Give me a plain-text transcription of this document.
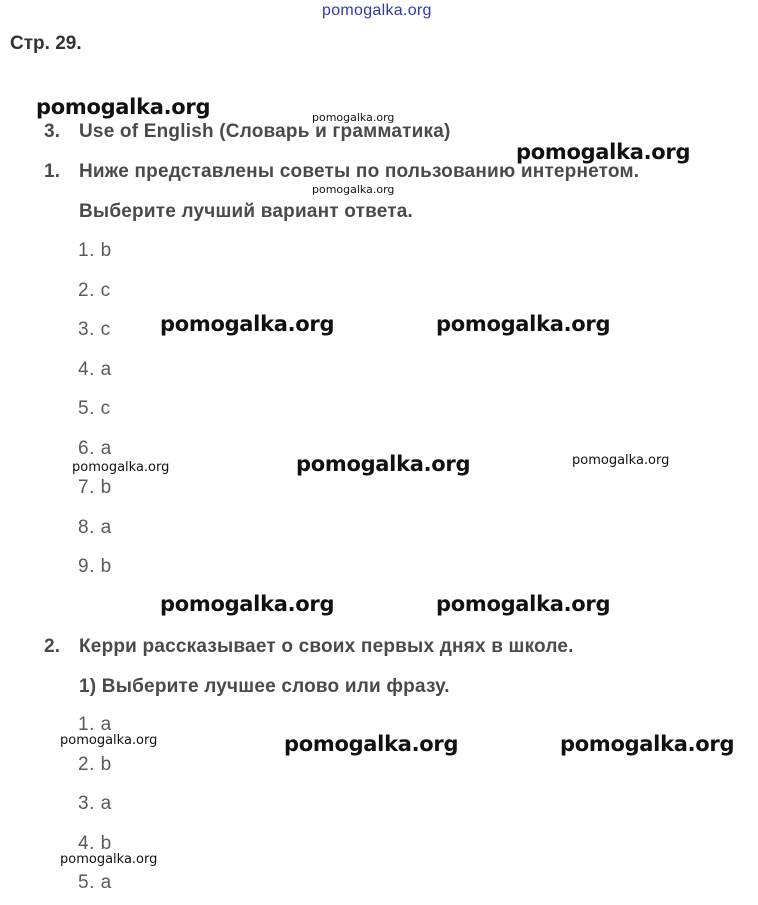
pomogalka.org
Стр. 29.
3. Use of English (Словарь и грамматика)
1. Ниже представлены советы по пользованию интернетом.
Выберите лучший вариант ответа.
1. b
2. c
3. c
4. a
5. c
6. a
7. b
8. a
9. b
2. Керри рассказывает о своих первых днях в школе.
1) Выберите лучшее слово или фразу.
1. a
2. b
3. a
4. b
5. a
pomogalka.org	pomogalka.org
pomogalka.org
pomogalka.org
pomogalka.org	pomogalka.org
pomogalka.org	pomogalka.org	pomogalka.org
pomogalka.org	pomogalka.org
pomogalka.org	pomogalka.org	pomogalka.org
pomogalka.org
